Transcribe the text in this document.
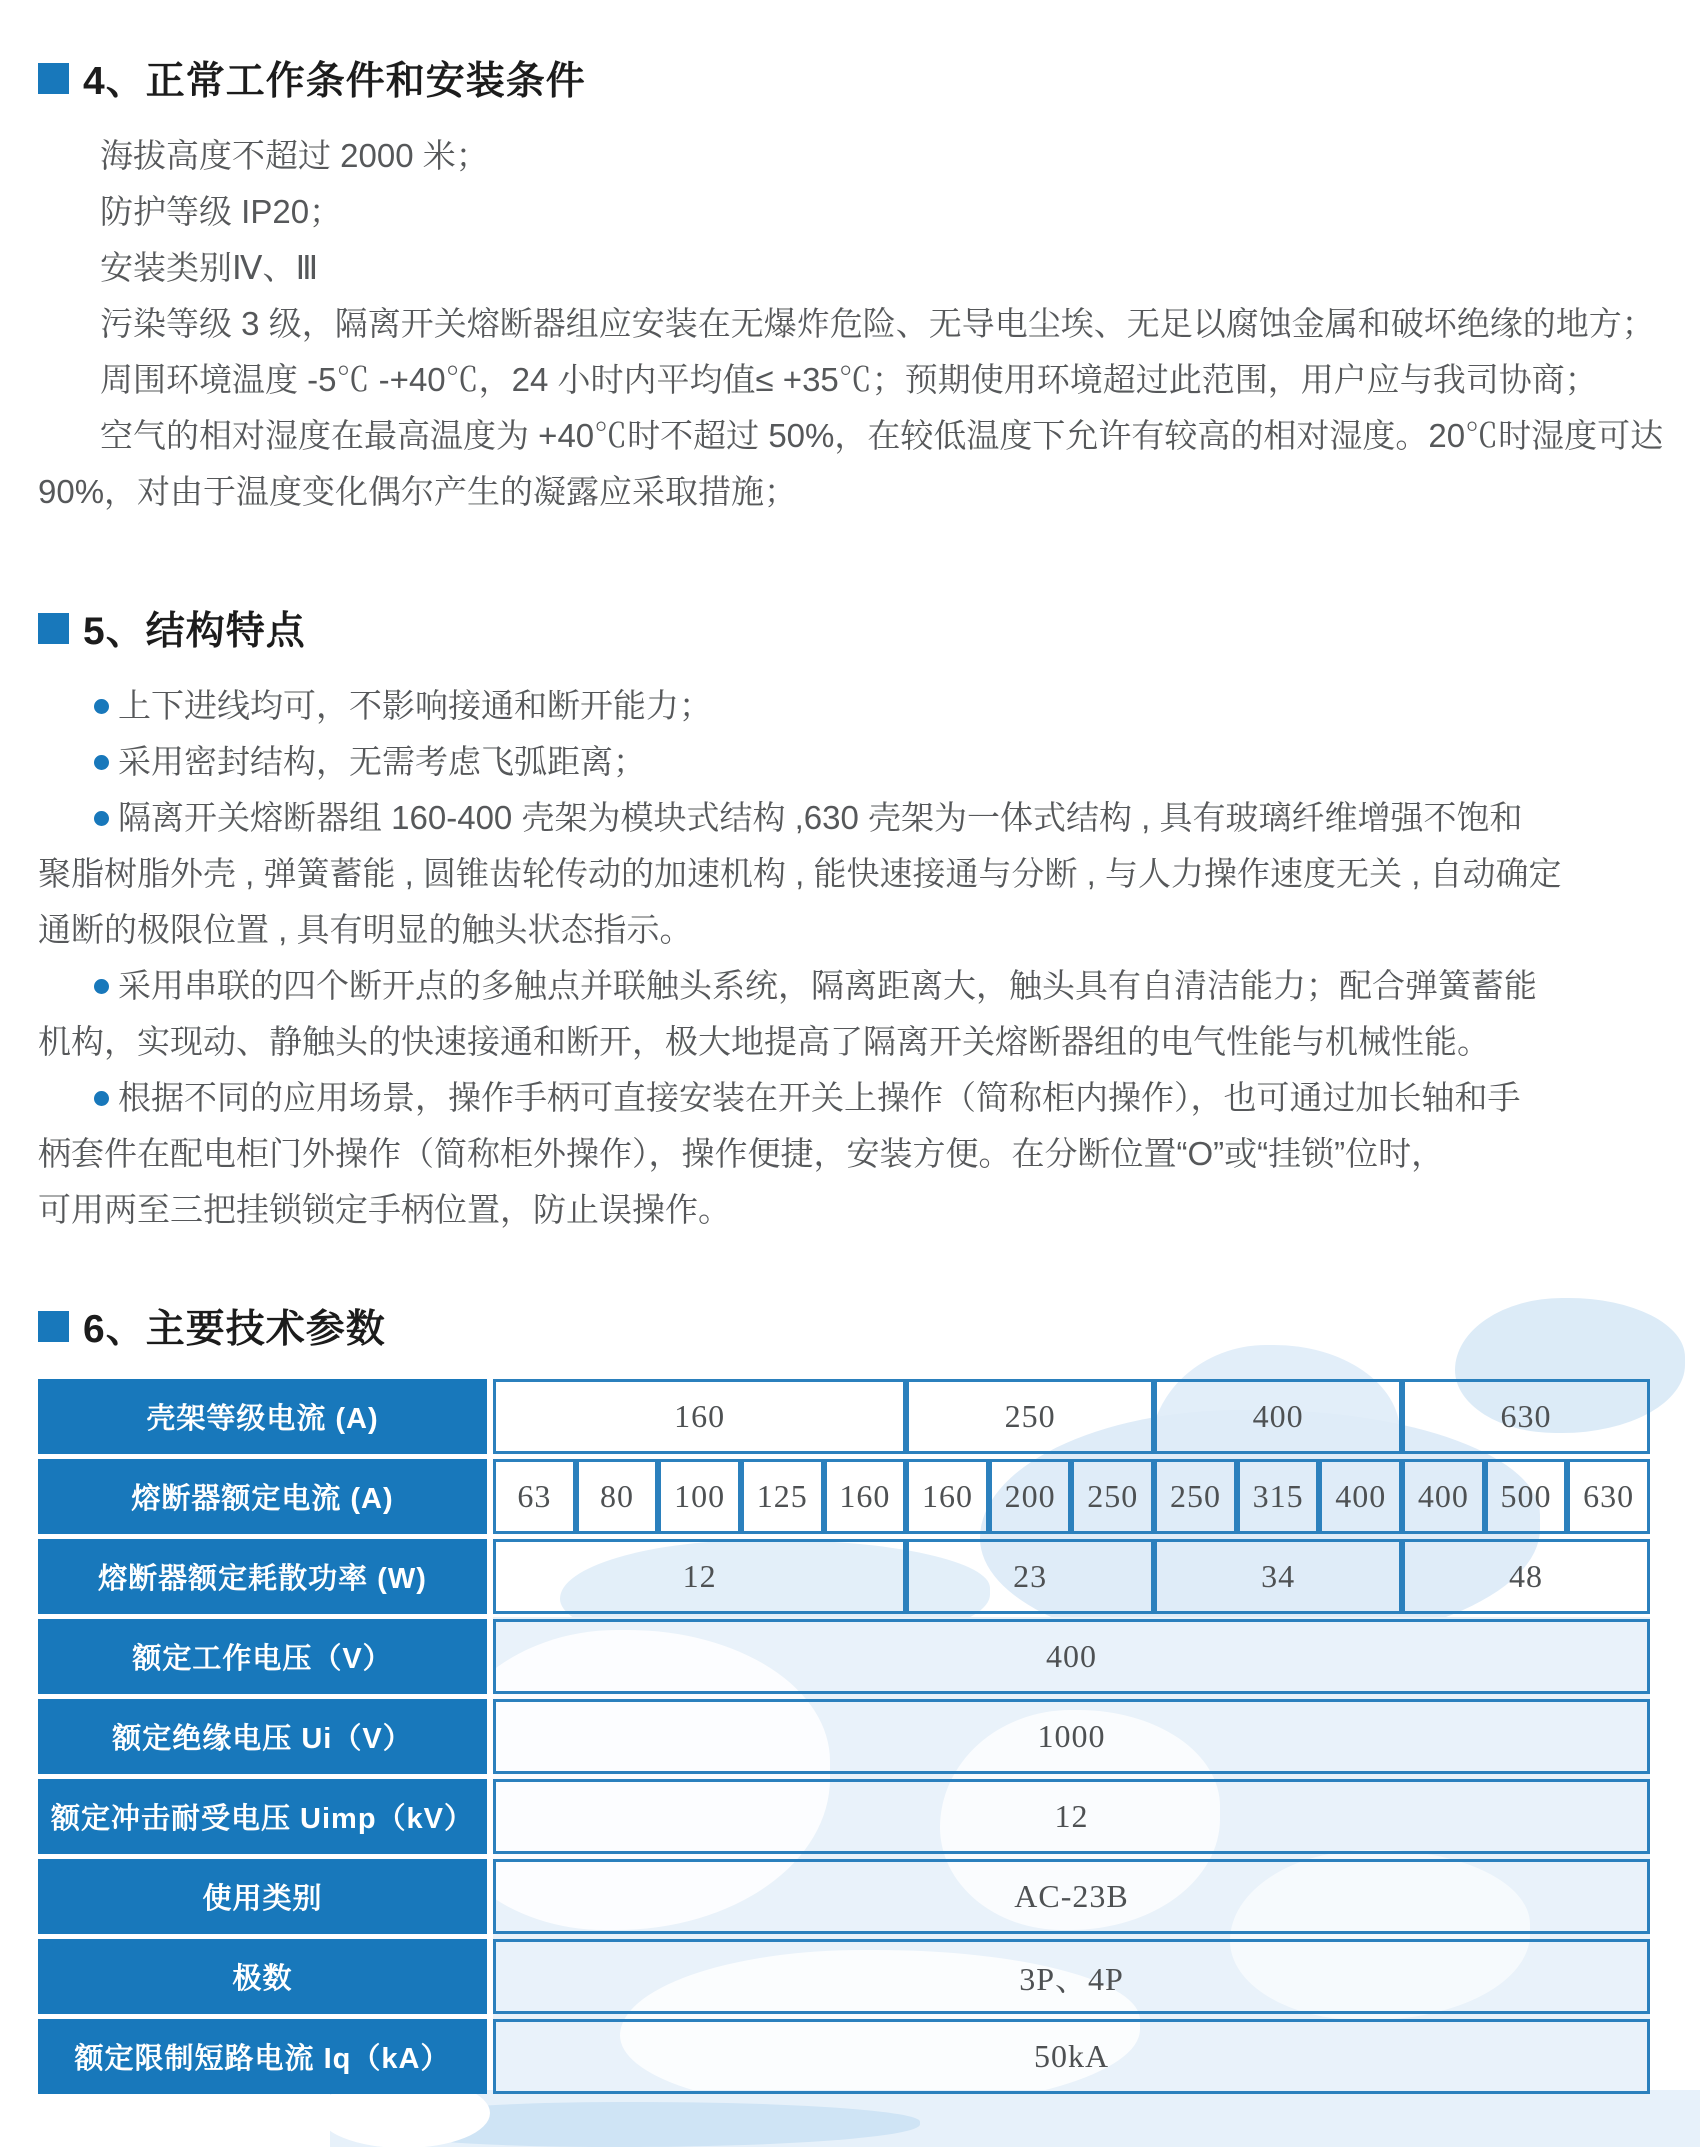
4、正常工作条件和安装条件
海拔高度不超过 2000 米；
防护等级 IP20；
安装类别Ⅳ、Ⅲ
污染等级 3 级，隔离开关熔断器组应安装在无爆炸危险、无导电尘埃、无足以腐蚀金属和破坏绝缘的地方；
周围环境温度 -5℃ -+40℃，24 小时内平均值≤ +35℃；预期使用环境超过此范围，用户应与我司协商；
空气的相对湿度在最高温度为 +40℃时不超过 50%，在较低温度下允许有较高的相对湿度。20℃时湿度可达
90%，对由于温度变化偶尔产生的凝露应采取措施；
5、结构特点
上下进线均可，不影响接通和断开能力；
采用密封结构，无需考虑飞弧距离；
隔离开关熔断器组 160-400 壳架为模块式结构 ,630 壳架为一体式结构 , 具有玻璃纤维增强不饱和
聚脂树脂外壳 , 弹簧蓄能 , 圆锥齿轮传动的加速机构 , 能快速接通与分断 , 与人力操作速度无关 , 自动确定
通断的极限位置 , 具有明显的触头状态指示。
采用串联的四个断开点的多触点并联触头系统，隔离距离大，触头具有自清洁能力；配合弹簧蓄能
机构，实现动、静触头的快速接通和断开，极大地提高了隔离开关熔断器组的电气性能与机械性能。
根据不同的应用场景，操作手柄可直接安装在开关上操作（简称柜内操作），也可通过加长轴和手
柄套件在配电柜门外操作（简称柜外操作），操作便捷，安装方便。在分断位置“O”或“挂锁”位时，
可用两至三把挂锁锁定手柄位置，防止误操作。
6、主要技术参数
壳架等级电流 (A)	160					250			400			630		
熔断器额定电流 (A)	63	80	100	125	160	160	200	250	250	315	400	400	500	630
熔断器额定耗散功率 (W)	12					23			34			48		
额定工作电压（V）	400													
额定绝缘电压 Ui（V）	1000													
额定冲击耐受电压 Uimp（kV）	12													
使用类别	AC-23B													
极数	3P、4P													
额定限制短路电流 Iq（kA）	50kA													
